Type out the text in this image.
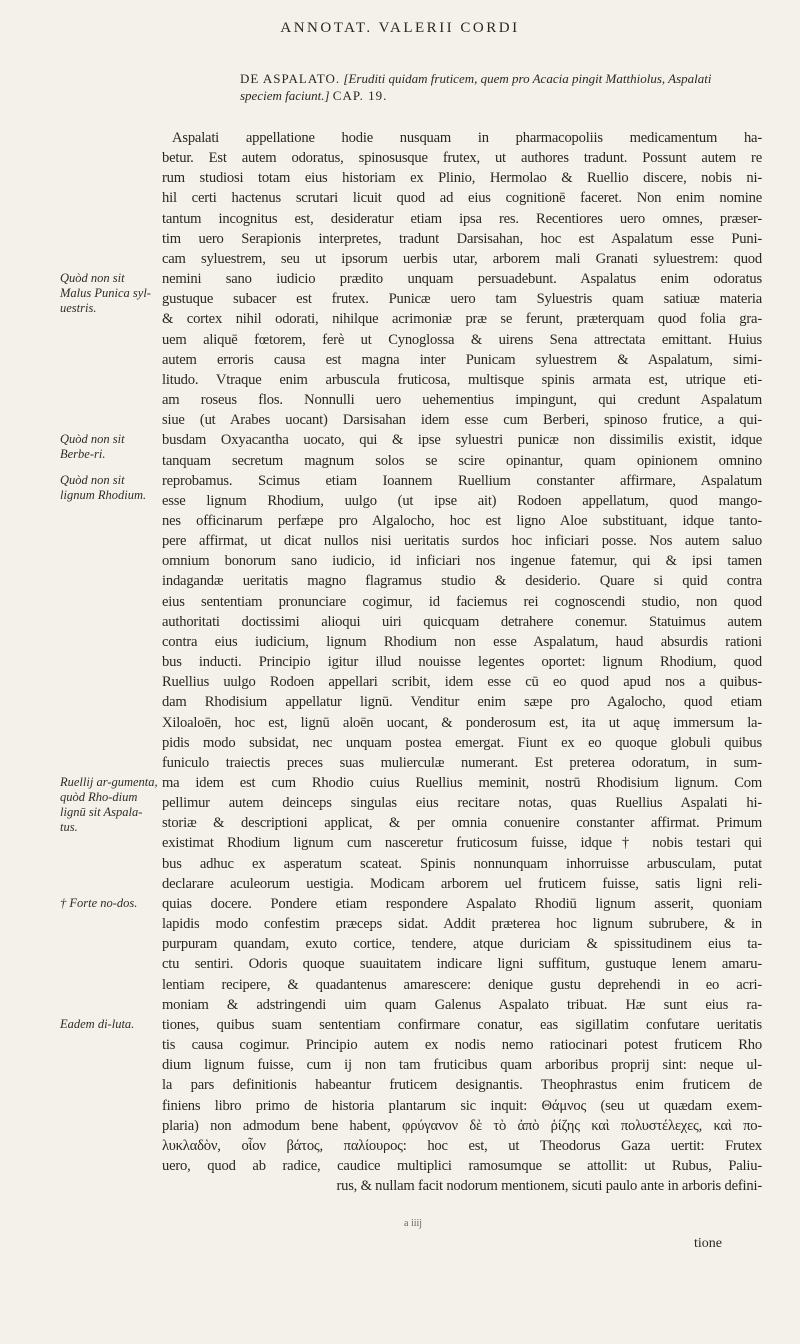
ANNOTAT. VALERII CORDI
DE ASPALATO. [Eruditi quidam fruticem, quem pro Acacia pingit Matthiolus, Aspalati speciem faciunt.] CAP. 19.
Aspalati appellatione hodie nusquam in pharmacopoliis medicamentum ha-
betur. Est autem odoratus, spinosusque frutex, ut authores tradunt. Possunt autem re
rum studiosi totam eius historiam ex Plinio, Hermolao & Ruellio discere, nobis ni-
hil certi hactenus scrutari licuit quod ad eius cognitionē faceret. Non enim nomine
tantum incognitus est, desideratur etiam ipsa res. Recentiores uero omnes, præser-
tim uero Serapionis interpretes, tradunt Darsisahan, hoc est Aspalatum esse Puni-
cam syluestrem, seu ut ipsorum uerbis utar, arborem mali Granati syluestrem: quod
nemini sano iudicio prædito unquam persuadebunt. Aspalatus enim odoratus
gustuque subacer est frutex. Punicæ uero tam Syluestris quam satiuæ materia
& cortex nihil odorati, nihilque acrimoniæ præ se ferunt, præterquam quod folia gra-
uem aliquē fœtorem, ferè ut Cynoglossa & uirens Sena attrectata emittant. Huius
autem erroris causa est magna inter Punicam syluestrem & Aspalatum, simi-
litudo. Vtraque enim arbuscula fruticosa, multisque spinis armata est, utrique eti-
am roseus flos. Nonnulli uero uehementius impingunt, qui credunt Aspalatum
siue (ut Arabes uocant) Darsisahan idem esse cum Berberi, spinoso frutice, a qui-
busdam Oxyacantha uocato, qui & ipse syluestri punicæ non dissimilis existit, idque
tanquam secretum magnum solos se scire opinantur, quam opinionem omnino
reprobamus. Scimus etiam Ioannem Ruellium constanter affirmare, Aspalatum
esse lignum Rhodium, uulgo (ut ipse ait) Rodoen appellatum, quod mango-
nes officinarum perfæpe pro Algalocho, hoc est ligno Aloe substituant, idque tanto-
pere affirmat, ut dicat nullos nisi ueritatis surdos hoc inficiari posse. Nos autem saluo
omnium bonorum sano iudicio, id inficiari nos ingenue fatemur, qui & ipsi tamen
indagandæ ueritatis magno flagramus studio & desiderio. Quare si quid contra
eius sententiam pronunciare cogimur, id faciemus rei cognoscendi studio, non quod
authoritati doctissimi alioqui uiri quicquam detrahere conemur. Statuimus autem
contra eius iudicium, lignum Rhodium non esse Aspalatum, haud absurdis rationi
bus inducti. Principio igitur illud nouisse legentes oportet: lignum Rhodium, quod
Ruellius uulgo Rodoen appellari scribit, idem esse cū eo quod apud nos a quibus-
dam Rhodisium appellatur lignū. Venditur enim sæpe pro Agalocho, quod etiam
Xiloaloēn, hoc est, lignū aloēn uocant, & ponderosum est, ita ut aquę immersum la-
pidis modo subsidat, nec unquam postea emergat. Fiunt ex eo quoque globuli quibus
funiculo traiectis preces suas mulierculæ numerant. Est preterea odoratum, in sum-
ma idem est cum Rhodio cuius Ruellius meminit, nostrū Rhodisium lignum. Com
pellimur autem deinceps singulas eius recitare notas, quas Ruellius Aspalati hi-
storiæ & descriptioni applicat, & per omnia conuenire constanter affirmat. Primum
existimat Rhodium lignum cum nasceretur fruticosum fuisse, idque† nobis testari qui
bus adhuc ex asperatum scateat. Spinis nonnunquam inhorruisse arbusculam, putat
declarare aculeorum uestigia. Modicam arborem uel fruticem fuisse, satis ligni reli-
quias docere. Pondere etiam respondere Aspalato Rhodiū lignum asserit, quoniam
lapidis modo confestim præceps sidat. Addit præterea hoc lignum subrubere, & in
purpuram quandam, exuto cortice, tendere, atque duriciam & spissitudinem eius ta-
ctu sentiri. Odoris quoque suauitatem indicare ligni suffitum, gustuque lenem amaru-
lentiam recipere, & quadantenus amarescere: denique gustu deprehendi in eo acri-
moniam & adstringendi uim quam Galenus Aspalato tribuat. Hæ sunt eius ra-
tiones, quibus suam sententiam confirmare conatur, eas sigillatim confutare ueritatis
tis causa cogimur. Principio autem ex nodis nemo ratiocinari potest fruticem Rho
dium lignum fuisse, cum ij non tam fruticibus quam arboribus proprij sint: neque ul-
la pars definitionis habeantur fruticem designantis. Theophrastus enim fruticem de
finiens libro primo de historia plantarum sic inquit: Θάμνος (seu ut quædam exem-
plaria) non admodum bene habent, φρύγανον δὲ τὸ ἀπὸ ῥίζης καὶ πολυστέλεχες, καὶ πο-
λυκλαδὸν, οἷον βάτος, παλίουρος: hoc est, ut Theodorus Gaza uertit: Frutex
uero, quod ab radice, caudice multiplici ramosumque se attollit: ut Rubus, Paliu-
rus, & nullam facit nodorum mentionem, sicuti paulo ante in arboris defini-
Quòd non sit Malus Punica syl-uestris.
Quòd non sit Berbe-ri.
Quòd non sit lignum Rhodium.
Ruellij ar-gumenta, quòd Rho-dium lignū sit Aspala-tus.
† Forte no-dos.
Eadem di-luta.
a iiij
tione
